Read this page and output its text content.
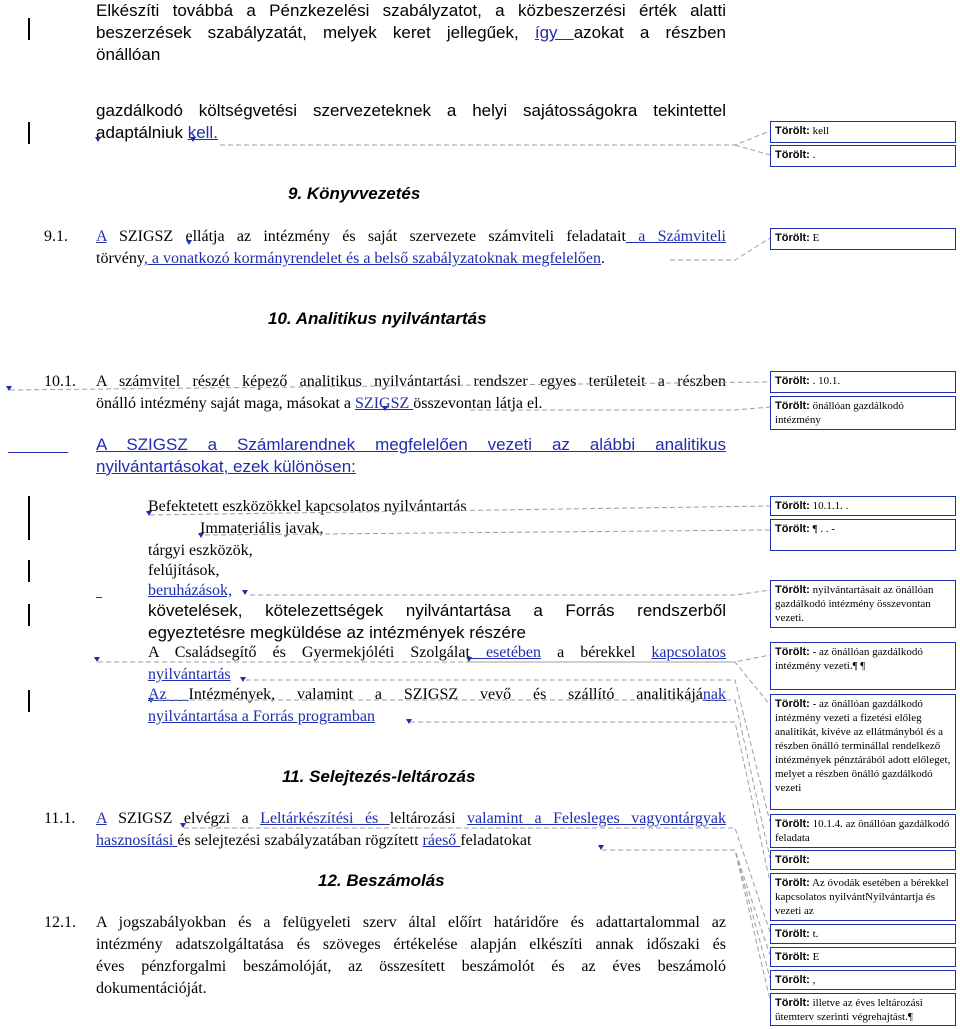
Elkészíti továbbá a Pénzkezelési szabályzatot, a közbeszerzési érték alatti
beszerzések szabályzatát, melyek keret jellegűek, így azokat a részben
önállóan
gazdálkodó költségvetési szervezeteknek a helyi sajátosságokra tekintettel
adaptálniuk kell.
9. Könyvvezetés
9.1. A SZIGSZ ellátja az intézmény és saját szervezete számviteli feladatait a Számviteli
törvény, a vonatkozó kormányrendelet és a belső szabályzatoknak megfelelően.
10. Analitikus nyilvántartás
10.1. A számvitel részét képező analitikus nyilvántartási rendszer egyes területeit a részben
önálló intézmény saját maga, másokat a SZIGSZ összevontan látja el.
A SZIGSZ a Számlarendnek megfelelően vezeti az alábbi analitikus
nyilvántartásokat, ezek különösen:
Befektetett eszközökkel kapcsolatos nyilvántartás
Immateriális javak,
tárgyi eszközök,
felújítások,
beruházások,
követelések, kötelezettségek nyilvántartása a Forrás rendszerből
egyeztetésre megküldése az intézmények részére
A Családsegítő és Gyermekjóléti Szolgálat esetében a bérekkel kapcsolatos
nyilvántartás
Az Intézmények, valamint a SZIGSZ vevő és szállító analitikájának
nyilvántartása a Forrás programban
11. Selejtezés-leltározás
11.1. A SZIGSZ elvégzi a Leltárkészítési és leltározási valamint a Felesleges vagyontárgyak
hasznosítási és selejtezési szabályzatában rögzített ráeső feladatokat
12. Beszámolás
12.1. A jogszabályokban és a felügyeleti szerv által előírt határidőre és adattartalommal az
intézmény adatszolgáltatása és szöveges értékelése alapján elkészíti annak időszaki és
éves pénzforgalmi beszámolóját, az összesített beszámolót és az éves beszámoló
dokumentációját.
Törölt: kell
Törölt: .
Törölt: E
Törölt: . 10.1.
Törölt: önállóan gazdálkodó intézmény
Törölt: 10.1.1. .
Törölt: ¶ . . -
Törölt: nyilvántartásait az önállóan gazdálkodó intézmény összevontan vezeti.
Törölt: - az önállóan gazdálkodó intézmény vezeti.¶ ¶
Törölt: - az önállóan gazdálkodó intézmény vezeti a fizetési előleg analitikát, kivéve az ellátmányból és a részben önálló terminállal rendelkező intézmények pénztárából adott előleget, melyet a részben önálló gazdálkodó vezeti
Törölt: 10.1.4. az önállóan gazdálkodó feladata
Törölt:
Törölt: Az óvodák esetében a bérekkel kapcsolatos nyilvántNyilvántartja és vezeti az
Törölt: t.
Törölt: E
Törölt: ,
Törölt: illetve az éves leltározási ütemterv szerinti végrehajtást.¶
